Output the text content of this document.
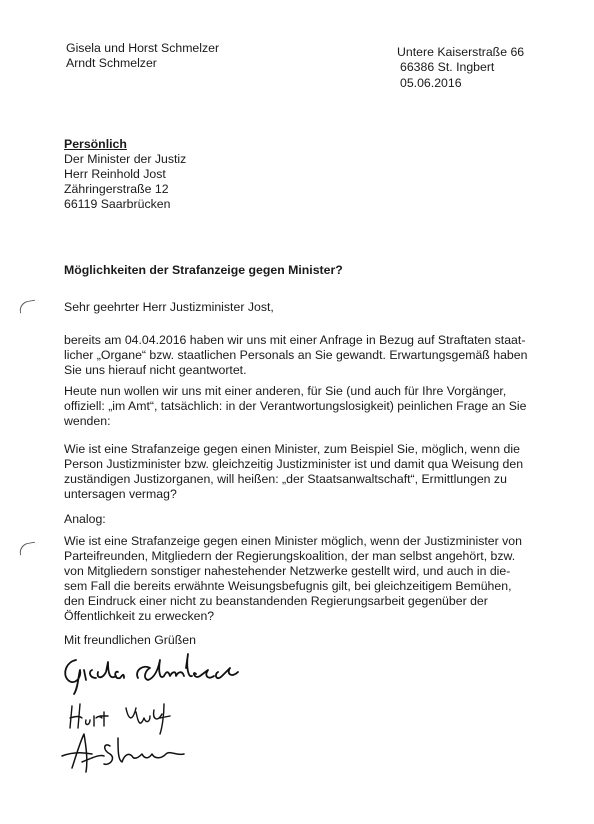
Gisela und Horst Schmelzer
Arndt Schmelzer
Untere Kaiserstraße 66
66386 St. Ingbert
05.06.2016
Persönlich
Der Minister der Justiz
Herr Reinhold Jost
Zähringerstraße 12
66119 Saarbrücken
Möglichkeiten der Strafanzeige gegen Minister?
Sehr geehrter Herr Justizminister Jost,
bereits am 04.04.2016 haben wir uns mit einer Anfrage in Bezug auf Straftaten staat-
licher „Organe“ bzw. staatlichen Personals an Sie gewandt. Erwartungsgemäß haben
Sie uns hierauf nicht geantwortet.
Heute nun wollen wir uns mit einer anderen, für Sie (und auch für Ihre Vorgänger,
offiziell: „im Amt“, tatsächlich: in der Verantwortungslosigkeit) peinlichen Frage an Sie
wenden:
Wie ist eine Strafanzeige gegen einen Minister, zum Beispiel Sie, möglich, wenn die
Person Justizminister bzw. gleichzeitig Justizminister ist und damit qua Weisung den
zuständigen Justizorganen, will heißen: „der Staatsanwaltschaft“, Ermittlungen zu
untersagen vermag?
Analog:
Wie ist eine Strafanzeige gegen einen Minister möglich, wenn der Justizminister von
Parteifreunden, Mitgliedern der Regierungskoalition, der man selbst angehört, bzw.
von Mitgliedern sonstiger nahestehender Netzwerke gestellt wird, und auch in die-
sem Fall die bereits erwähnte Weisungsbefugnis gilt, bei gleichzeitigem Bemühen,
den Eindruck einer nicht zu beanstandenden Regierungsarbeit gegenüber der
Öffentlichkeit zu erwecken?
Mit freundlichen Grüßen
